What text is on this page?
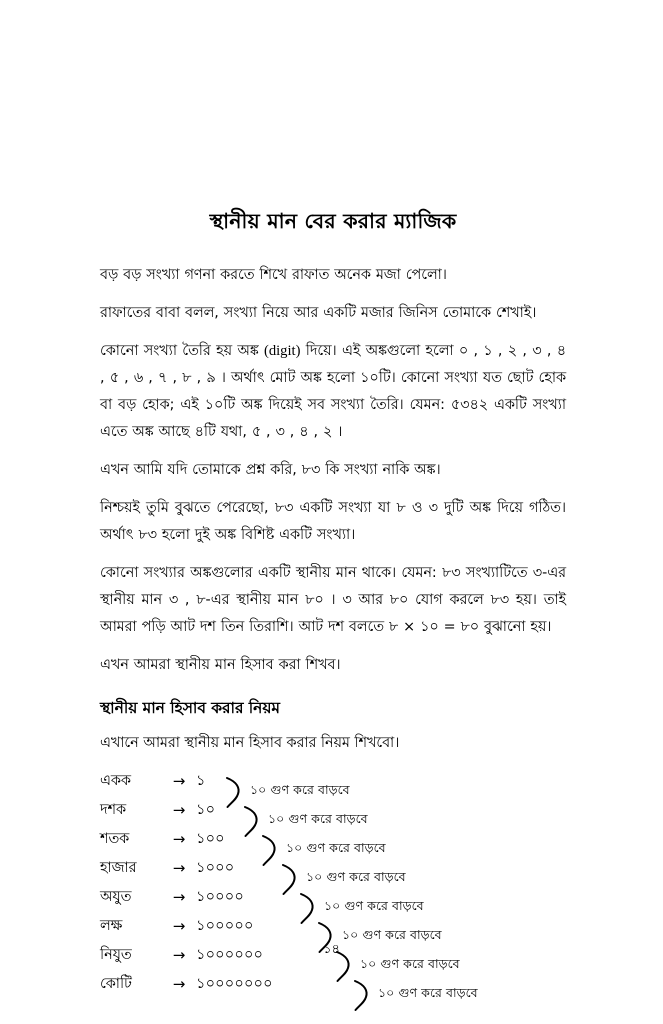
স্থানীয় মান বের করার ম্যাজিক

বড় বড় সংখ্যা গণনা করতে শিখে রাফাত অনেক মজা পেলো।

রাফাতের বাবা বলল, সংখ্যা নিয়ে আর একটি মজার জিনিস তোমাকে শেখাই।

কোনো সংখ্যা তৈরি হয় অঙ্ক (digit) দিয়ে। এই অঙ্কগুলো হলো ০ , ১ , ২ , ৩ , ৪ , ৫ , ৬ , ৭ , ৮ , ৯ । অর্থাৎ মোট অঙ্ক হলো ১০টি। কোনো সংখ্যা যত ছোট হোক বা বড় হোক; এই ১০টি অঙ্ক দিয়েই সব সংখ্যা তৈরি। যেমন: ৫৩৪২ একটি সংখ্যা এতে অঙ্ক আছে ৪টি যথা, ৫ , ৩ , ৪ , ২ ।

এখন আমি যদি তোমাকে প্রশ্ন করি, ৮৩ কি সংখ্যা নাকি অঙ্ক।

নিশ্চয়ই তুমি বুঝতে পেরেছো, ৮৩ একটি সংখ্যা যা ৮ ও ৩ দুটি অঙ্ক দিয়ে গঠিত। অর্থাৎ ৮৩ হলো দুই অঙ্ক বিশিষ্ট একটি সংখ্যা।

কোনো সংখ্যার অঙ্কগুলোর একটি স্থানীয় মান থাকে। যেমন: ৮৩ সংখ্যাটিতে ৩-এর স্থানীয় মান ৩ , ৮-এর স্থানীয় মান ৮০ । ৩ আর ৮০ যোগ করলে ৮৩ হয়। তাই আমরা পড়ি আট দশ তিন তিরাশি। আট দশ বলতে ৮ × ১০ = ৮০ বুঝানো হয়।

এখন আমরা স্থানীয় মান হিসাব করা শিখব।

স্থানীয় মান হিসাব করার নিয়ম

এখানে আমরা স্থানীয় মান হিসাব করার নিয়ম শিখবো।

একক	→ ১
১০ গুণ করে বাড়বে
দশক	→ ১০
১০ গুণ করে বাড়বে
শতক	→ ১০০
১০ গুণ করে বাড়বে
হাজার	→ ১০০০
১০ গুণ করে বাড়বে
অযুত	→ ১০০০০
১০ গুণ করে বাড়বে
লক্ষ	→ ১০০০০০
১০ গুণ করে বাড়বে
নিযুত	→ ১০০০০০০
১০ গুণ করে বাড়বে
কোটি	→ ১০০০০০০০
১০ গুণ করে বাড়বে
১৪
